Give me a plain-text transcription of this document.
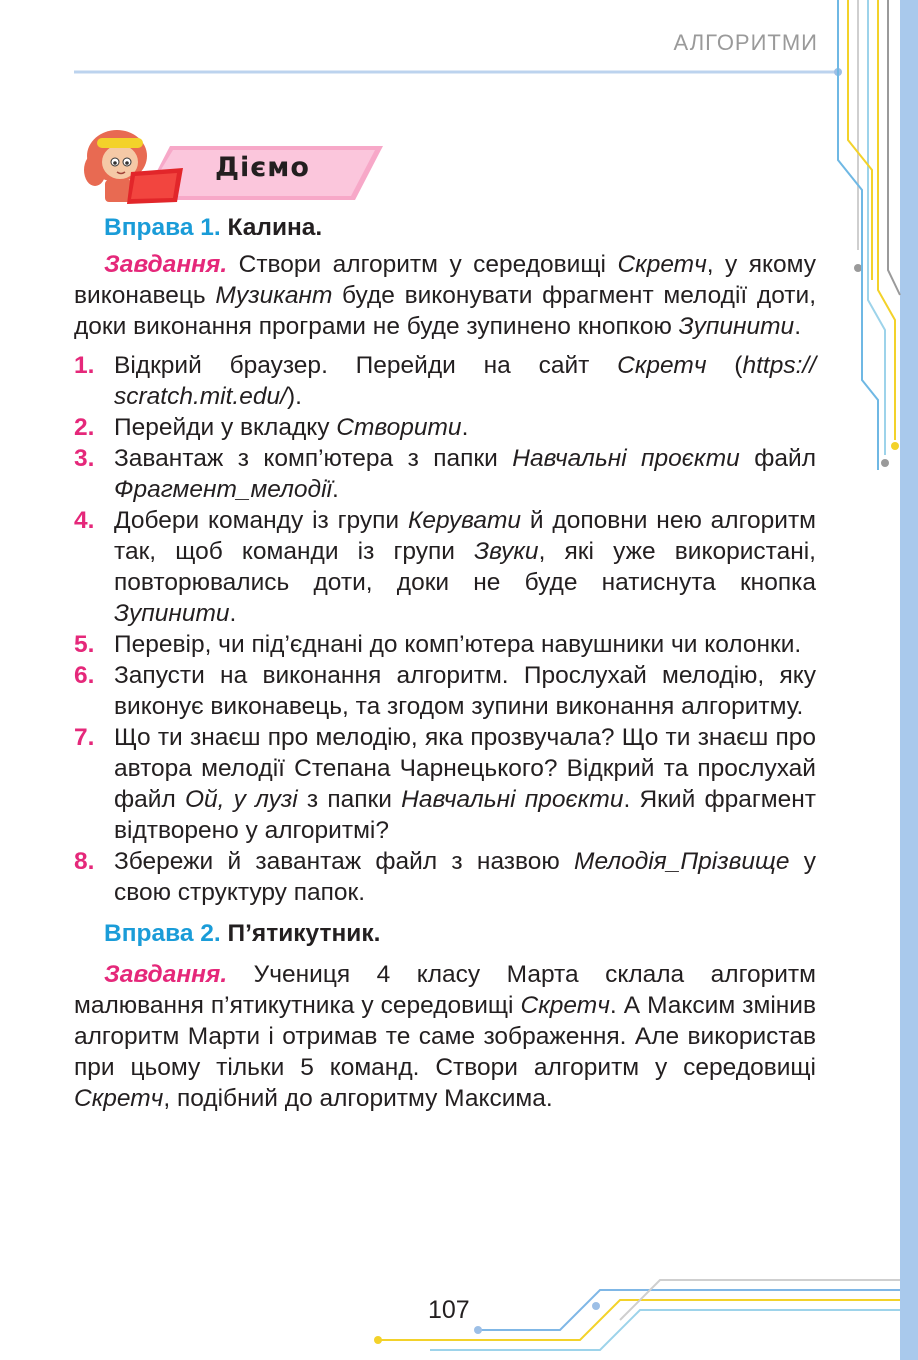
АЛГОРИТМИ
Діємо

Вправа 1. Калина.

Завдання. Створи алгоритм у середовищі Скретч, у якому виконавець Музикант буде виконувати фрагмент мелодії доти, доки виконання програми не буде зупинено кнопкою Зупинити.

1. Відкрий браузер. Перейди на сайт Скретч (https:// scratch.mit.edu/).
2. Перейди у вкладку Створити.
3. Завантаж з комп’ютера з папки Навчальні проєкти файл Фрагмент_мелодії.
4. Добери команду із групи Керувати й доповни нею алгоритм так, щоб команди із групи Звуки, які уже використані, повторювались доти, доки не буде натиснута кнопка Зупинити.
5. Перевір, чи під’єднані до комп’ютера навушники чи колонки.
6. Запусти на виконання алгоритм. Прослухай мелодію, яку виконує виконавець, та згодом зупини виконання алгоритму.
7. Що ти знаєш про мелодію, яка прозвучала? Що ти знаєш про автора мелодії Степана Чарнецького? Відкрий та прослухай файл Ой, у лузі з папки Навчальні проєкти. Який фрагмент відтворено у алгоритмі?
8. Збережи й завантаж файл з назвою Мелодія_Прізвище у свою структуру папок.

Вправа 2. П’ятикутник.

Завдання. Учениця 4 класу Марта склала алгоритм малювання п’ятикутника у середовищі Скретч. А Максим змінив алгоритм Марти і отримав те саме зображення. Але використав при цьому тільки 5 команд. Створи алгоритм у середовищі Скретч, подібний до алгоритму Максима.

107
